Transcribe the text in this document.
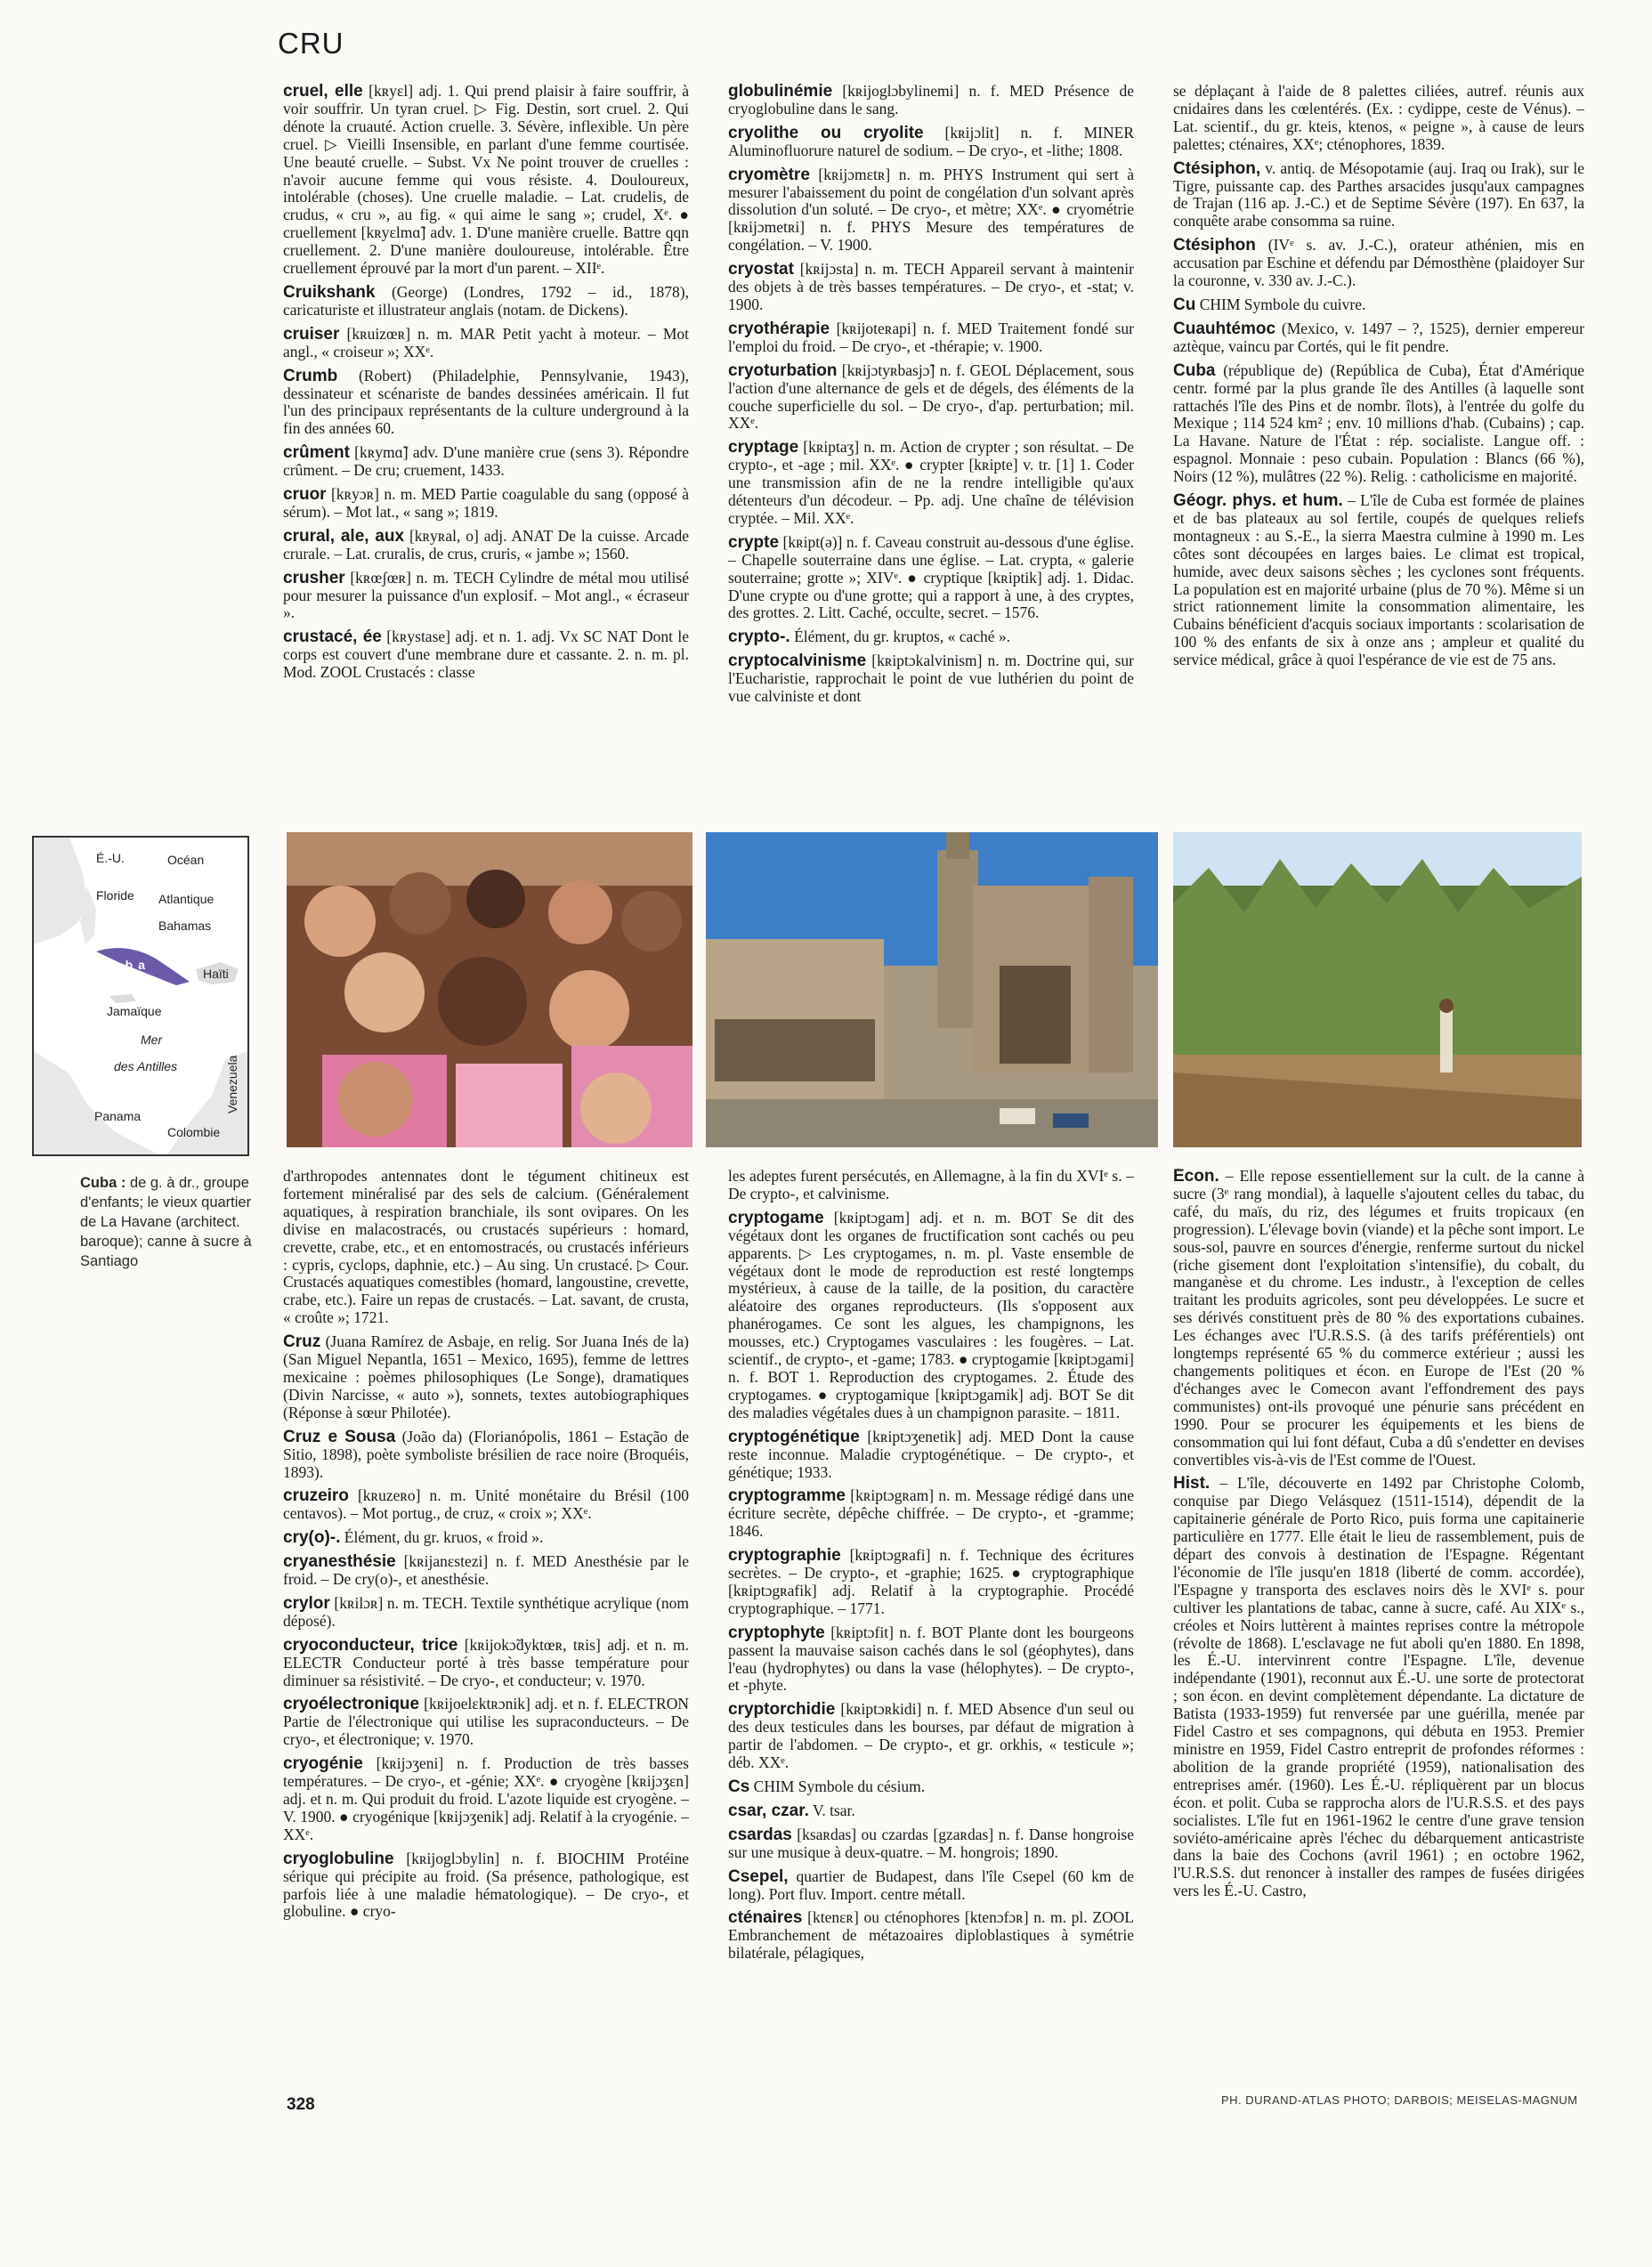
CRU

cruel, elle [kʀyɛl] adj. 1. Qui prend plaisir à faire souffrir, à voir souffrir. Un tyran cruel. ▷ Fig. Destin, sort cruel. 2. Qui dénote la cruauté. Action cruelle. 3. Sévère, inflexible. Un père cruel. ▷ Vieilli Insensible, en parlant d'une femme courtisée. Une beauté cruelle. – Subst. Vx Ne point trouver de cruelles : n'avoir aucune femme qui vous résiste. 4. Douloureux, intolérable (choses). Une cruelle maladie. – Lat. crudelis, de crudus, « cru », au fig. « qui aime le sang »; crudel, Xᵉ. ● cruellement [kʀyɛlmɑ̃] adv. 1. D'une manière cruelle. Battre qqn cruellement. 2. D'une manière douloureuse, intolérable. Être cruellement éprouvé par la mort d'un parent. – XIIᵉ.

Cruikshank (George) (Londres, 1792 – id., 1878), caricaturiste et illustrateur anglais (notam. de Dickens).

cruiser [kʀuizœʀ] n. m. MAR Petit yacht à moteur. – Mot angl., « croiseur »; XXᵉ.

Crumb (Robert) (Philadelphie, Pennsylvanie, 1943), dessinateur et scénariste de bandes dessinées américain. Il fut l'un des principaux représentants de la culture underground à la fin des années 60.

crûment [kʀymɑ̃] adv. D'une manière crue (sens 3). Répondre crûment. – De cru; cruement, 1433.

cruor [kʀyɔʀ] n. m. MED Partie coagulable du sang (opposé à sérum). – Mot lat., « sang »; 1819.

crural, ale, aux [kʀyʀal, o] adj. ANAT De la cuisse. Arcade crurale. – Lat. cruralis, de crus, cruris, « jambe »; 1560.

crusher [kʀœʃœʀ] n. m. TECH Cylindre de métal mou utilisé pour mesurer la puissance d'un explosif. – Mot angl., « écraseur ».

crustacé, ée [kʀystase] adj. et n. 1. adj. Vx SC NAT Dont le corps est couvert d'une membrane dure et cassante. 2. n. m. pl. Mod. ZOOL Crustacés : classe

globulinémie [kʀijoglɔbylinemi] n. f. MED Présence de cryoglobuline dans le sang.

cryolithe ou cryolite [kʀijɔlit] n. f. MINER Aluminofluorure naturel de sodium. – De cryo-, et -lithe; 1808.

cryomètre [kʀijɔmɛtʀ] n. m. PHYS Instrument qui sert à mesurer l'abaissement du point de congélation d'un solvant après dissolution d'un soluté. – De cryo-, et mètre; XXᵉ. ● cryométrie [kʀijɔmetʀi] n. f. PHYS Mesure des températures de congélation. – V. 1900.

cryostat [kʀijɔsta] n. m. TECH Appareil servant à maintenir des objets à de très basses températures. – De cryo-, et -stat; v. 1900.

cryothérapie [kʀijoteʀapi] n. f. MED Traitement fondé sur l'emploi du froid. – De cryo-, et -thérapie; v. 1900.

cryoturbation [kʀijɔtyʀbasjɔ̃] n. f. GEOL Déplacement, sous l'action d'une alternance de gels et de dégels, des éléments de la couche superficielle du sol. – De cryo-, d'ap. perturbation; mil. XXᵉ.

cryptage [kʀiptaʒ] n. m. Action de crypter ; son résultat. – De crypto-, et -age ; mil. XXᵉ. ● crypter [kʀipte] v. tr. [1] 1. Coder une transmission afin de ne la rendre intelligible qu'aux détenteurs d'un décodeur. – Pp. adj. Une chaîne de télévision cryptée. – Mil. XXᵉ.

crypte [kʀipt(ə)] n. f. Caveau construit au-dessous d'une église. – Chapelle souterraine dans une église. – Lat. crypta, « galerie souterraine; grotte »; XIVᵉ. ● cryptique [kʀiptik] adj. 1. Didac. D'une crypte ou d'une grotte; qui a rapport à une, à des cryptes, des grottes. 2. Litt. Caché, occulte, secret. – 1576.

crypto-. Élément, du gr. kruptos, « caché ».

cryptocalvinisme [kʀiptɔkalvinism] n. m. Doctrine qui, sur l'Eucharistie, rapprochait le point de vue luthérien du point de vue calviniste et dont

se déplaçant à l'aide de 8 palettes ciliées, autref. réunis aux cnidaires dans les cœlentérés. (Ex. : cydippe, ceste de Vénus). – Lat. scientif., du gr. kteis, ktenos, « peigne », à cause de leurs palettes; cténaires, XXᵉ; cténophores, 1839.

Ctésiphon, v. antiq. de Mésopotamie (auj. Iraq ou Irak), sur le Tigre, puissante cap. des Parthes arsacides jusqu'aux campagnes de Trajan (116 ap. J.-C.) et de Septime Sévère (197). En 637, la conquête arabe consomma sa ruine.

Ctésiphon (IVᵉ s. av. J.-C.), orateur athénien, mis en accusation par Eschine et défendu par Démosthène (plaidoyer Sur la couronne, v. 330 av. J.-C.).

Cu CHIM Symbole du cuivre.

Cuauhtémoc (Mexico, v. 1497 – ?, 1525), dernier empereur aztèque, vaincu par Cortés, qui le fit pendre.

Cuba (république de) (República de Cuba), État d'Amérique centr. formé par la plus grande île des Antilles (à laquelle sont rattachés l'île des Pins et de nombr. îlots), à l'entrée du golfe du Mexique ; 114 524 km² ; env. 10 millions d'hab. (Cubains) ; cap. La Havane. Nature de l'État : rép. socialiste. Langue off. : espagnol. Monnaie : peso cubain. Population : Blancs (66 %), Noirs (12 %), mulâtres (22 %). Relig. : catholicisme en majorité.

Géogr. phys. et hum. – L'île de Cuba est formée de plaines et de bas plateaux au sol fertile, coupés de quelques reliefs montagneux : au S.-E., la sierra Maestra culmine à 1990 m. Les côtes sont découpées en larges baies. Le climat est tropical, humide, avec deux saisons sèches ; les cyclones sont fréquents. La population est en majorité urbaine (plus de 70 %). Même si un strict rationnement limite la consommation alimentaire, les Cubains bénéficient d'acquis sociaux importants : scolarisation de 100 % des enfants de six à onze ans ; ampleur et qualité du service médical, grâce à quoi l'espérance de vie est de 75 ans.

É.-U.	Océan
Floride Atlantique
Bahamas
Cuba
Haïti
Jamaïque
Mer
des Antilles
Panama
Colombie
Venezuela
Cuba : de g. à dr., groupe d'enfants; le vieux quartier de La Havane (architect. baroque); canne à sucre à Santiago

d'arthropodes antennates dont le tégument chitineux est fortement minéralisé par des sels de calcium. (Généralement aquatiques, à respiration branchiale, ils sont ovipares. On les divise en malacostracés, ou crustacés supérieurs : homard, crevette, crabe, etc., et en entomostracés, ou crustacés inférieurs : cypris, cyclops, daphnie, etc.) – Au sing. Un crustacé. ▷ Cour. Crustacés aquatiques comestibles (homard, langoustine, crevette, crabe, etc.). Faire un repas de crustacés. – Lat. savant, de crusta, « croûte »; 1721.

Cruz (Juana Ramírez de Asbaje, en relig. Sor Juana Inés de la) (San Miguel Nepantla, 1651 – Mexico, 1695), femme de lettres mexicaine : poèmes philosophiques (Le Songe), dramatiques (Divin Narcisse, « auto »), sonnets, textes autobiographiques (Réponse à sœur Philotée).

Cruz e Sousa (João da) (Florianópolis, 1861 – Estação de Sitio, 1898), poète symboliste brésilien de race noire (Broquéis, 1893).

cruzeiro [kʀuzeʀo] n. m. Unité monétaire du Brésil (100 centavos). – Mot portug., de cruz, « croix »; XXᵉ.

cry(o)-. Élément, du gr. kruos, « froid ».

cryanesthésie [kʀijanɛstezi] n. f. MED Anesthésie par le froid. – De cry(o)-, et anesthésie.

crylor [kʀilɔʀ] n. m. TECH. Textile synthétique acrylique (nom déposé).

cryoconducteur, trice [kʀijokɔ̃dyktœʀ, tʀis] adj. et n. m. ELECTR Conducteur porté à très basse température pour diminuer sa résistivité. – De cryo-, et conducteur; v. 1970.

cryoélectronique [kʀijoelɛktʀɔnik] adj. et n. f. ELECTRON Partie de l'électronique qui utilise les supraconducteurs. – De cryo-, et électronique; v. 1970.

cryogénie [kʀijɔʒeni] n. f. Production de très basses températures. – De cryo-, et -génie; XXᵉ. ● cryogène [kʀijɔʒɛn] adj. et n. m. Qui produit du froid. L'azote liquide est cryogène. – V. 1900. ● cryogénique [kʀijɔʒenik] adj. Relatif à la cryogénie. – XXᵉ.

cryoglobuline [kʀijoglɔbylin] n. f. BIOCHIM Protéine sérique qui précipite au froid. (Sa présence, pathologique, est parfois liée à une maladie hématologique). – De cryo-, et globuline. ● cryo-

les adeptes furent persécutés, en Allemagne, à la fin du XVIᵉ s. – De crypto-, et calvinisme.

cryptogame [kʀiptɔgam] adj. et n. m. BOT Se dit des végétaux dont les organes de fructification sont cachés ou peu apparents. ▷ Les cryptogames, n. m. pl. Vaste ensemble de végétaux dont le mode de reproduction est resté longtemps mystérieux, à cause de la taille, de la position, du caractère aléatoire des organes reproducteurs. (Ils s'opposent aux phanérogames. Ce sont les algues, les champignons, les mousses, etc.) Cryptogames vasculaires : les fougères. – Lat. scientif., de crypto-, et -game; 1783. ● cryptogamie [kʀiptɔgami] n. f. BOT 1. Reproduction des cryptogames. 2. Étude des cryptogames. ● cryptogamique [kʀiptɔgamik] adj. BOT Se dit des maladies végétales dues à un champignon parasite. – 1811.

cryptogénétique [kʀiptɔʒenetik] adj. MED Dont la cause reste inconnue. Maladie cryptogénétique. – De crypto-, et génétique; 1933.

cryptogramme [kʀiptɔgʀam] n. m. Message rédigé dans une écriture secrète, dépêche chiffrée. – De crypto-, et -gramme; 1846.

cryptographie [kʀiptɔgʀafi] n. f. Technique des écritures secrètes. – De crypto-, et -graphie; 1625. ● cryptographique [kʀiptɔgʀafik] adj. Relatif à la cryptographie. Procédé cryptographique. – 1771.

cryptophyte [kʀiptɔfit] n. f. BOT Plante dont les bourgeons passent la mauvaise saison cachés dans le sol (géophytes), dans l'eau (hydrophytes) ou dans la vase (hélophytes). – De crypto-, et -phyte.

cryptorchidie [kʀiptɔʀkidi] n. f. MED Absence d'un seul ou des deux testicules dans les bourses, par défaut de migration à partir de l'abdomen. – De crypto-, et gr. orkhis, « testicule »; déb. XXᵉ.

Cs CHIM Symbole du césium.

csar, czar. V. tsar.

csardas [ksaʀdas] ou czardas [gzaʀdas] n. f. Danse hongroise sur une musique à deux-quatre. – M. hongrois; 1890.

Csepel, quartier de Budapest, dans l'île Csepel (60 km de long). Port fluv. Import. centre métall.

cténaires [ktenɛʀ] ou cténophores [ktenɔfɔʀ] n. m. pl. ZOOL Embranchement de métazoaires diploblastiques à symétrie bilatérale, pélagiques,

Écon. – Elle repose essentiellement sur la cult. de la canne à sucre (3ᵉ rang mondial), à laquelle s'ajoutent celles du tabac, du café, du maïs, du riz, des légumes et fruits tropicaux (en progression). L'élevage bovin (viande) et la pêche sont import. Le sous-sol, pauvre en sources d'énergie, renferme surtout du nickel (riche gisement dont l'exploitation s'intensifie), du cobalt, du manganèse et du chrome. Les industr., à l'exception de celles traitant les produits agricoles, sont peu développées. Le sucre et ses dérivés constituent près de 80 % des exportations cubaines. Les échanges avec l'U.R.S.S. (à des tarifs préférentiels) ont longtemps représenté 65 % du commerce extérieur ; aussi les changements politiques et écon. en Europe de l'Est (20 % d'échanges avec le Comecon avant l'effondrement des pays communistes) ont-ils provoqué une pénurie sans précédent en 1990. Pour se procurer les équipements et les biens de consommation qui lui font défaut, Cuba a dû s'endetter en devises convertibles vis-à-vis de l'Est comme de l'Ouest.

Hist. – L'île, découverte en 1492 par Christophe Colomb, conquise par Diego Velásquez (1511-1514), dépendit de la capitainerie générale de Porto Rico, puis forma une capitainerie particulière en 1777. Elle était le lieu de rassemblement, puis de départ des convois à destination de l'Espagne. Régentant l'économie de l'île jusqu'en 1818 (liberté de comm. accordée), l'Espagne y transporta des esclaves noirs dès le XVIᵉ s. pour cultiver les plantations de tabac, canne à sucre, café. Au XIXᵉ s., créoles et Noirs luttèrent à maintes reprises contre la métropole (révolte de 1868). L'esclavage ne fut aboli qu'en 1880. En 1898, les É.-U. intervinrent contre l'Espagne. L'île, devenue indépendante (1901), reconnut aux É.-U. une sorte de protectorat ; son écon. en devint complètement dépendante. La dictature de Batista (1933-1959) fut renversée par une guérilla, menée par Fidel Castro et ses compagnons, qui débuta en 1953. Premier ministre en 1959, Fidel Castro entreprit de profondes réformes : abolition de la grande propriété (1959), nationalisation des entreprises amér. (1960). Les É.-U. répliquèrent par un blocus écon. et polit. Cuba se rapprocha alors de l'U.R.S.S. et des pays socialistes. L'île fut en 1961-1962 le centre d'une grave tension soviéto-américaine après l'échec du débarquement anticastriste dans la baie des Cochons (avril 1961) ; en octobre 1962, l'U.R.S.S. dut renoncer à installer des rampes de fusées dirigées vers les É.-U. Castro,

328	PH. DURAND-ATLAS PHOTO; DARBOIS; MEISELAS-MAGNUM
